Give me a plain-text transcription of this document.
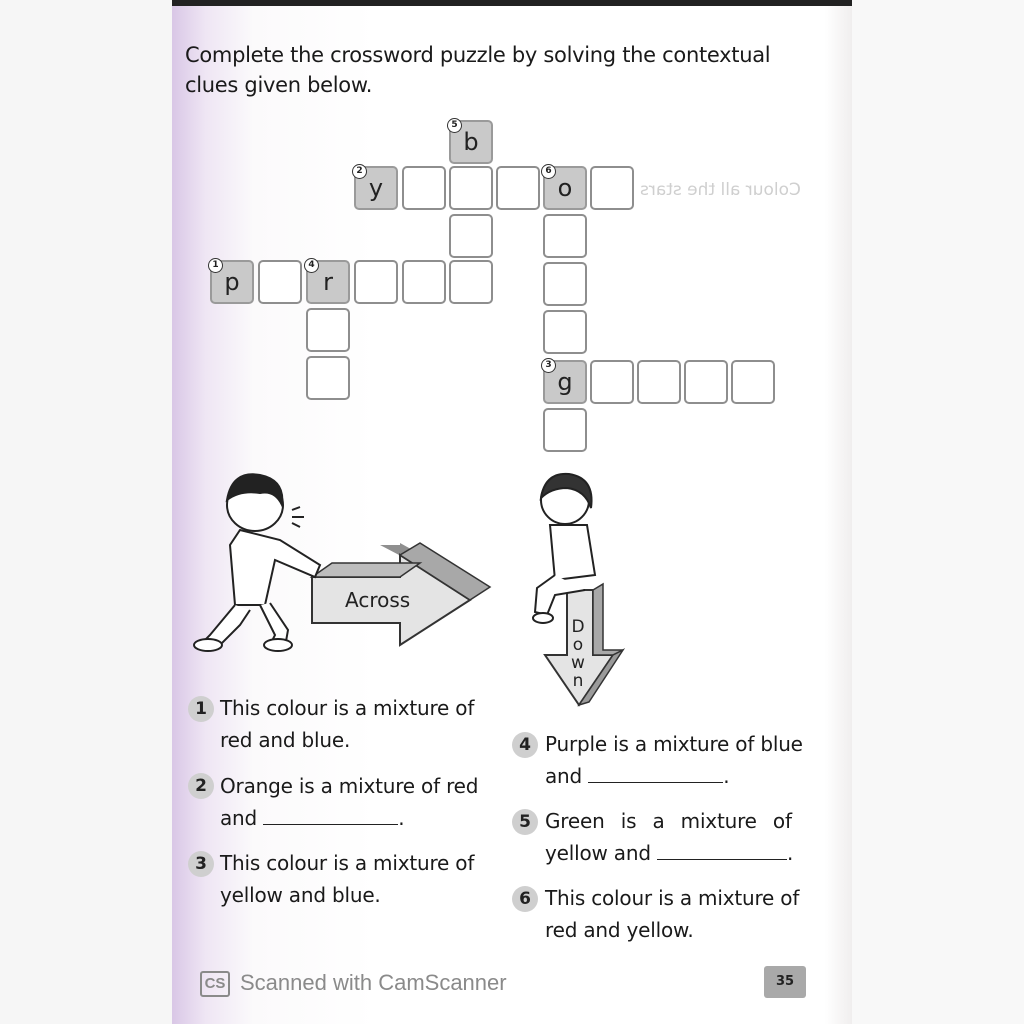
Colour all the stars
Complete the crossword puzzle by solving the contextual
clues given below.
5
b
2
y
6
o
1
p
4
r
3
g
Across
Down
1 This colour is a mixture of
red and blue.
2 Orange is a mixture of red
and	.
3 This colour is a mixture of
yellow and blue.
4 Purple is a mixture of blue
and	.
5 Green is a mixture of
yellow and	.
6 This colour is a mixture of
red and yellow.
CS Scanned with CamScanner	35
